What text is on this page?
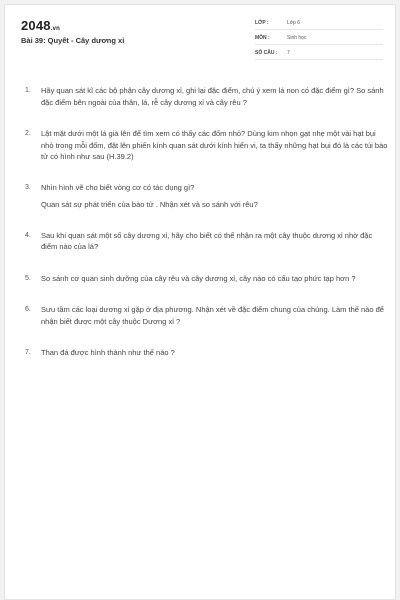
2048.vn
Bài 39: Quyết - Cây dương xỉ
LỚP :	Lớp 6
MÔN :	Sinh học
SỐ CÂU : 7
1. Hãy quan sát kĩ các bộ phận cây dương xỉ, ghi lại đặc điểm, chú ý xem lá non có đặc điểm gì? So sánh đặc điểm bên ngoài của thân, lá, rễ cây dương xỉ và cây rêu ?

2. Lật mặt dưới một lá già lên để tìm xem có thấy các đốm nhỏ? Dùng kim nhọn gạt nhẹ một vài hạt bụi nhỏ trong mỗi đốm, đặt lên phiến kính quan sát dưới kính hiển vi, ta thấy những hạt bụi đó là các túi bào tử có hình như sau (H.39.2)

3. Nhìn hình vẽ cho biết vòng cơ có tác dụng gì?

Quan sát sự phát triển của bào tử . Nhận xét và so sánh với rêu?

4. Sau khi quan sát một số cây dương xỉ, hãy cho biết có thể nhận ra một cây thuộc dương xỉ nhờ đặc điểm nào của lá?

5. So sánh cơ quan sinh dưỡng của cây rêu và cây dương xỉ, cây nào có cấu tạo phức tạp hơn ?

6. Sưu tầm các loại dương xỉ gặp ở địa phương. Nhận xét về đặc điểm chung của chúng. Làm thế nào để nhận biết được một cây thuộc Dương xỉ ?

7. Than đá được hình thành như thế nào ?
